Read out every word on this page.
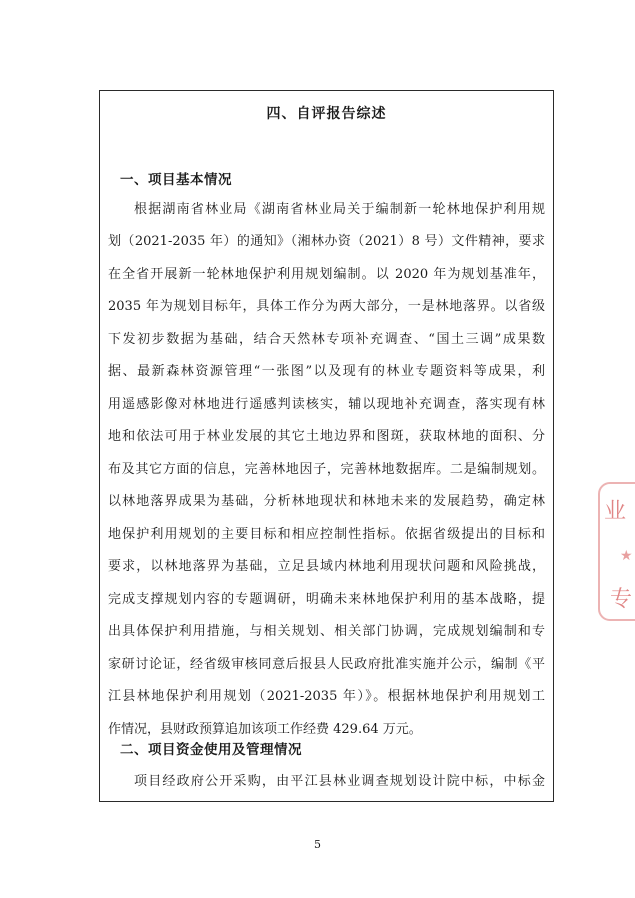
四、自评报告综述
一、项目基本情况
根据湖南省林业局《湖南省林业局关于编制新一轮林地保护利用规
划（2021-2035 年）的通知》（湘林办资（2021）8 号）文件精神，要求
在全省开展新一轮林地保护利用规划编制。以 2020 年为规划基准年，
2035 年为规划目标年，具体工作分为两大部分，一是林地落界。以省级
下发初步数据为基础，结合天然林专项补充调查、“国土三调”成果数
据、最新森林资源管理“一张图”以及现有的林业专题资料等成果，利
用遥感影像对林地进行遥感判读核实，辅以现地补充调查，落实现有林
地和依法可用于林业发展的其它土地边界和图斑，获取林地的面积、分
布及其它方面的信息，完善林地因子，完善林地数据库。二是编制规划。
以林地落界成果为基础，分析林地现状和林地未来的发展趋势，确定林
地保护利用规划的主要目标和相应控制性指标。依据省级提出的目标和
要求，以林地落界为基础，立足县域内林地利用现状问题和风险挑战，
完成支撑规划内容的专题调研，明确未来林地保护利用的基本战略，提
出具体保护利用措施，与相关规划、相关部门协调，完成规划编制和专
家研讨论证，经省级审核同意后报县人民政府批准实施并公示，编制《平
江县林地保护利用规划（2021-2035 年）》。根据林地保护利用规划工
作情况，县财政预算追加该项工作经费 429.64 万元。
二、项目资金使用及管理情况
项目经政府公开采购，由平江县林业调查规划设计院中标，中标金
5
业
★
专
